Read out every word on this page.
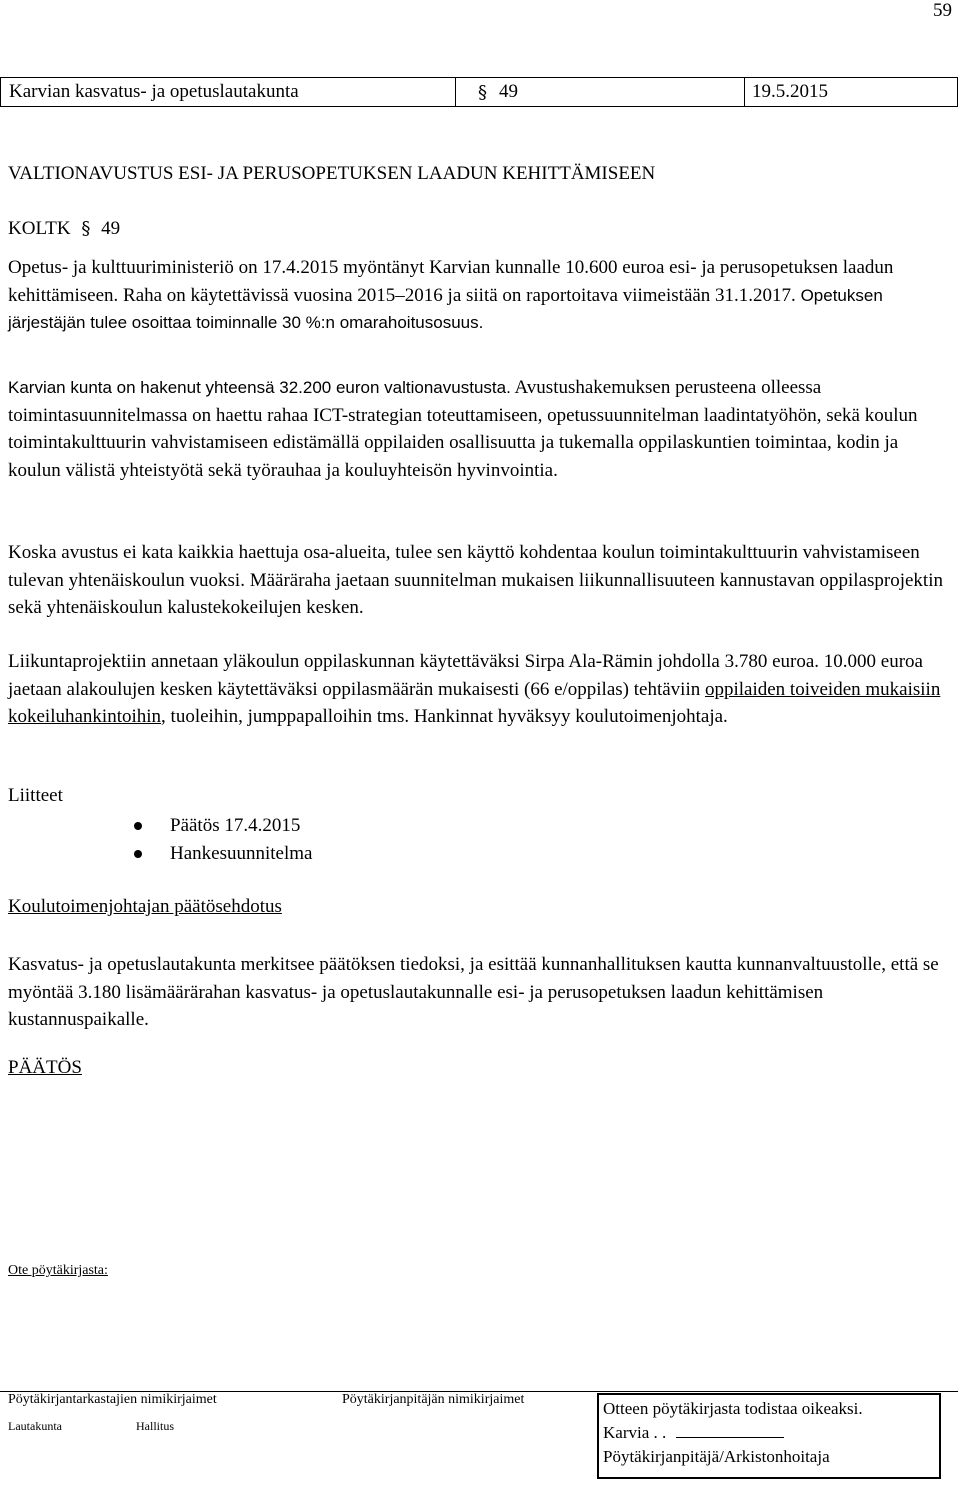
59
Karvian kasvatus- ja opetuslautakunta	§ 49	19.5.2015
VALTIONAVUSTUS ESI- JA PERUSOPETUKSEN LAADUN KEHITTÄMISEEN
KOLTK § 49
Opetus- ja kulttuuriministeriö on 17.4.2015 myöntänyt Karvian kunnalle 10.600 euroa esi- ja perusopetuksen laadun kehittämiseen. Raha on käytettävissä vuosina 2015–2016 ja siitä on raportoitava viimeistään 31.1.2017. Opetuksen järjestäjän tulee osoittaa toiminnalle 30 %:n omarahoitusosuus.
Karvian kunta on hakenut yhteensä 32.200 euron valtionavustusta. Avustushakemuksen perusteena olleessa toimintasuunnitelmassa on haettu rahaa ICT-strategian toteuttamiseen, opetussuunnitelman laadintatyöhön, sekä koulun toimintakulttuurin vahvistamiseen edistämällä oppilaiden osallisuutta ja tukemalla oppilaskuntien toimintaa, kodin ja koulun välistä yhteistyötä sekä työrauhaa ja kouluyhteisön hyvinvointia.
Koska avustus ei kata kaikkia haettuja osa-alueita, tulee sen käyttö kohdentaa koulun toimintakulttuurin vahvistamiseen tulevan yhtenäiskoulun vuoksi. Määräraha jaetaan suunnitelman mukaisen liikunnallisuuteen kannustavan oppilasprojektin sekä yhtenäiskoulun kalustekokeilujen kesken.
Liikuntaprojektiin annetaan yläkoulun oppilaskunnan käytettäväksi Sirpa Ala-Rämin johdolla 3.780 euroa. 10.000 euroa jaetaan alakoulujen kesken käytettäväksi oppilasmäärän mukaisesti (66 e/oppilas) tehtäviin oppilaiden toiveiden mukaisiin kokeiluhankintoihin, tuoleihin, jumppapalloihin tms. Hankinnat hyväksyy koulutoimenjohtaja.
Liitteet
Päätös 17.4.2015
Hankesuunnitelma
Koulutoimenjohtajan päätösehdotus
Kasvatus- ja opetuslautakunta merkitsee päätöksen tiedoksi, ja esittää kunnanhallituksen kautta kunnanvaltuustolle, että se myöntää 3.180 lisämäärärahan kasvatus- ja opetuslautakunnalle esi- ja perusopetuksen laadun kehittämisen kustannuspaikalle.
PÄÄTÖS
Ote pöytäkirjasta:
Pöytäkirjantarkastajien nimikirjaimet	Pöytäkirjanpitäjän nimikirjaimet
Lautakunta	Hallitus
Otteen pöytäkirjasta todistaa oikeaksi.
Karvia . .
Pöytäkirjanpitäjä/Arkistonhoitaja
